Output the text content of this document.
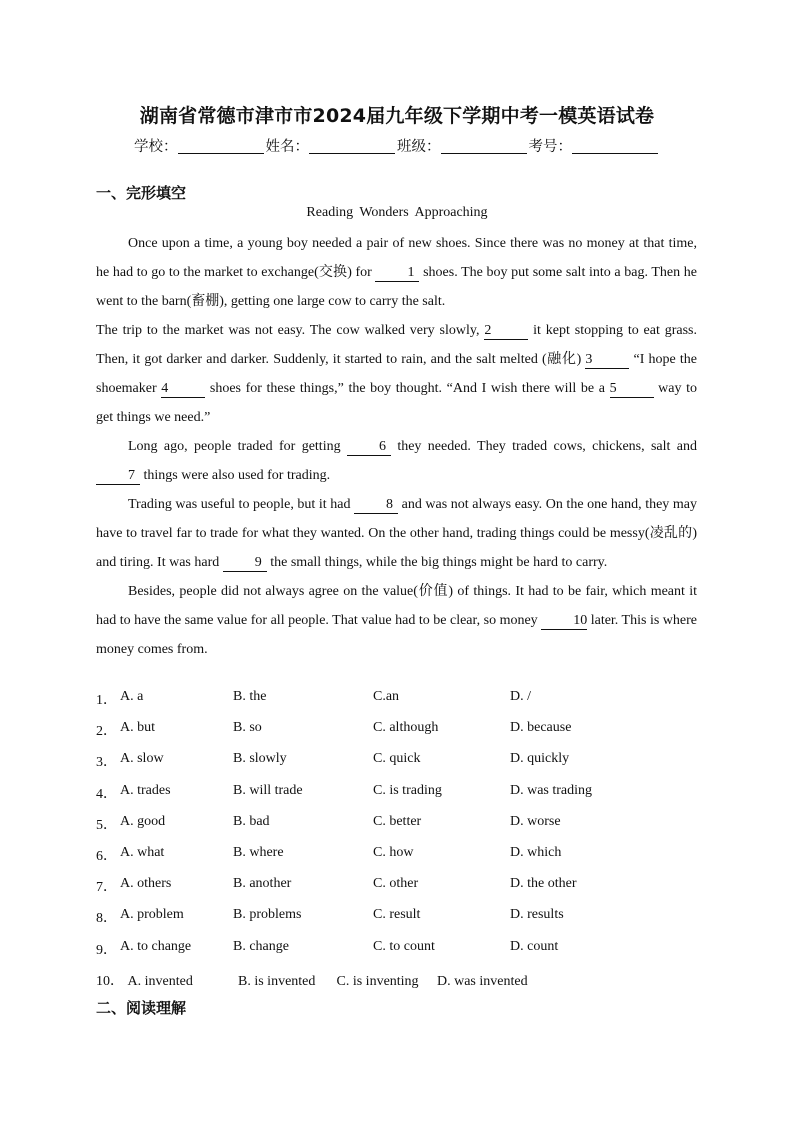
湖南省常德市津市市2024届九年级下学期中考一模英语试卷
学校：	姓名：	班级：	考号：
一、完形填空
Reading Wonders Approaching

Once upon a time, a young boy needed a pair of new shoes. Since there was no money at that time, he had to go to the market to exchange(交换) for 1 shoes. The boy put some salt into a bag. Then he went to the barn(畜棚), getting one large cow to carry the salt.

The trip to the market was not easy. The cow walked very slowly, 2	it kept stopping to eat grass. Then, it got darker and darker. Suddenly, it started to rain, and the salt melted (融化) 3	“I hope the shoemaker 4	shoes for these things,” the boy thought. “And I wish there will be a 5	way to get things we need.”

Long ago, people traded for getting 6 they needed. They traded cows, chickens, salt and 7 things were also used for trading.

Trading was useful to people, but it had 8 and was not always easy. On the one hand, they may have to travel far to trade for what they wanted. On the other hand, trading things could be messy(凌乱的) and tiring. It was hard 9 the small things, while the big things might be hard to carry.

Besides, people did not always agree on the value(价值) of things. It had to be fair, which meant it had to have the same value for all people. That value had to be clear, so money 10 later. This is where money comes from.

1． A. a	B. the	C.an	D. /
2． A. but	B. so	C. although	D. because
3． A. slow	B. slowly	C. quick	D. quickly
4． A. trades	B. will trade	C. is trading	D. was trading
5． A. good	B. bad	C. better	D. worse
6． A. what	B. where	C. how	D. which
7． A. others	B. another	C. other	D. the other
8． A. problem	B. problems	C. result	D. results
9． A. to change	B. change	C. to count	D. count
10． A. invented	B. is invented C. is inventing D. was invented
二、阅读理解
